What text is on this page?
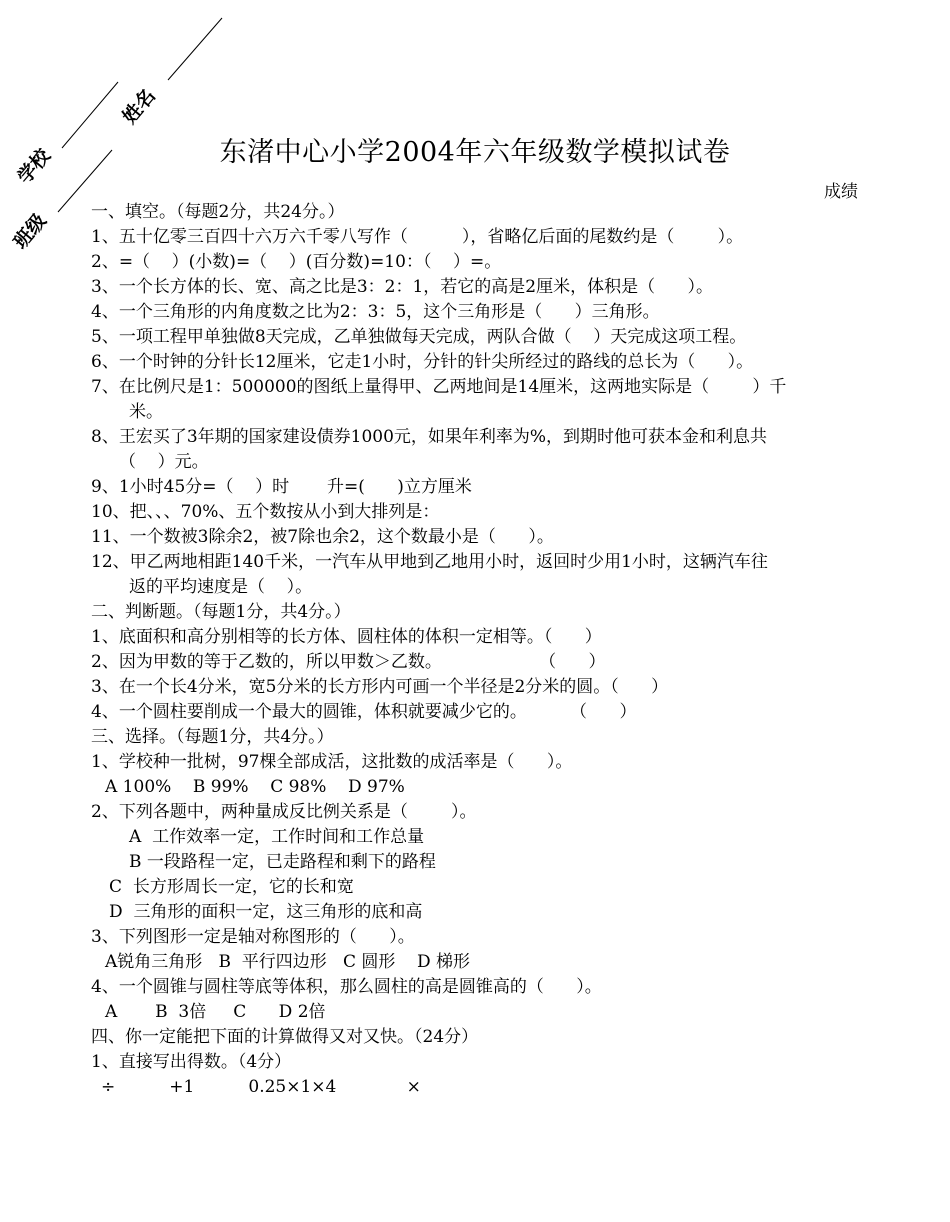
学校
姓名
班级
东渚中心小学2004年六年级数学模拟试卷
成绩
一、填空。（每题2分，共24分。）
1、五十亿零三百四十六万六千零八写作（          ），省略亿后面的尾数约是（        ）。
2、=（    ）(小数)=（    ）(百分数)=10：（    ）=。
3、一个长方体的长、宽、高之比是3：2：1，若它的高是2厘米，体积是（      ）。
4、一个三角形的内角度数之比为2：3：5，这个三角形是（      ）三角形。
5、一项工程甲单独做8天完成，乙单独做每天完成，两队合做（    ）天完成这项工程。
6、一个时钟的分针长12厘米，它走1小时，分针的针尖所经过的路线的总长为（      ）。
7、在比例尺是1：500000的图纸上量得甲、乙两地间是14厘米，这两地实际是（        ）千
米。
8、王宏买了3年期的国家建设债券1000元，如果年利率为%，到期时他可获本金和利息共
（    ）元。
9、1小时45分=（    ）时       升=(      )立方厘米
10、把、、、70%、五个数按从小到大排列是：
11、一个数被3除余2，被7除也余2，这个数最小是（      ）。
12、甲乙两地相距140千米，一汽车从甲地到乙地用小时，返回时少用1小时，这辆汽车往
返的平均速度是（    ）。
二、判断题。（每题1分，共4分。）
1、底面积和高分别相等的长方体、圆柱体的体积一定相等。（      ）
2、因为甲数的等于乙数的，所以甲数＞乙数。                  （      ）
3、在一个长4分米，宽5分米的长方形内可画一个半径是2分米的圆。（      ）
4、一个圆柱要削成一个最大的圆锥，体积就要减少它的。        （      ）
三、选择。（每题1分，共4分。）
1、学校种一批树，97棵全部成活，这批数的成活率是（      ）。
A 100%    B 99%    C 98%    D 97%
2、下列各题中，两种量成反比例关系是（        ）。
A  工作效率一定，工作时间和工作总量
B 一段路程一定，已走路程和剩下的路程
C  长方形周长一定，它的长和宽
D  三角形的面积一定，这三角形的底和高
3、下列图形一定是轴对称图形的（      ）。
A锐角三角形   B  平行四边形   C 圆形    D 梯形
4、一个圆锥与圆柱等底等体积，那么圆柱的高是圆锥高的（      ）。
A       B  3倍     C      D 2倍
四、你一定能把下面的计算做得又对又快。（24分）
1、直接写出得数。（4分）
÷          +1          0.25×1×4             ×
